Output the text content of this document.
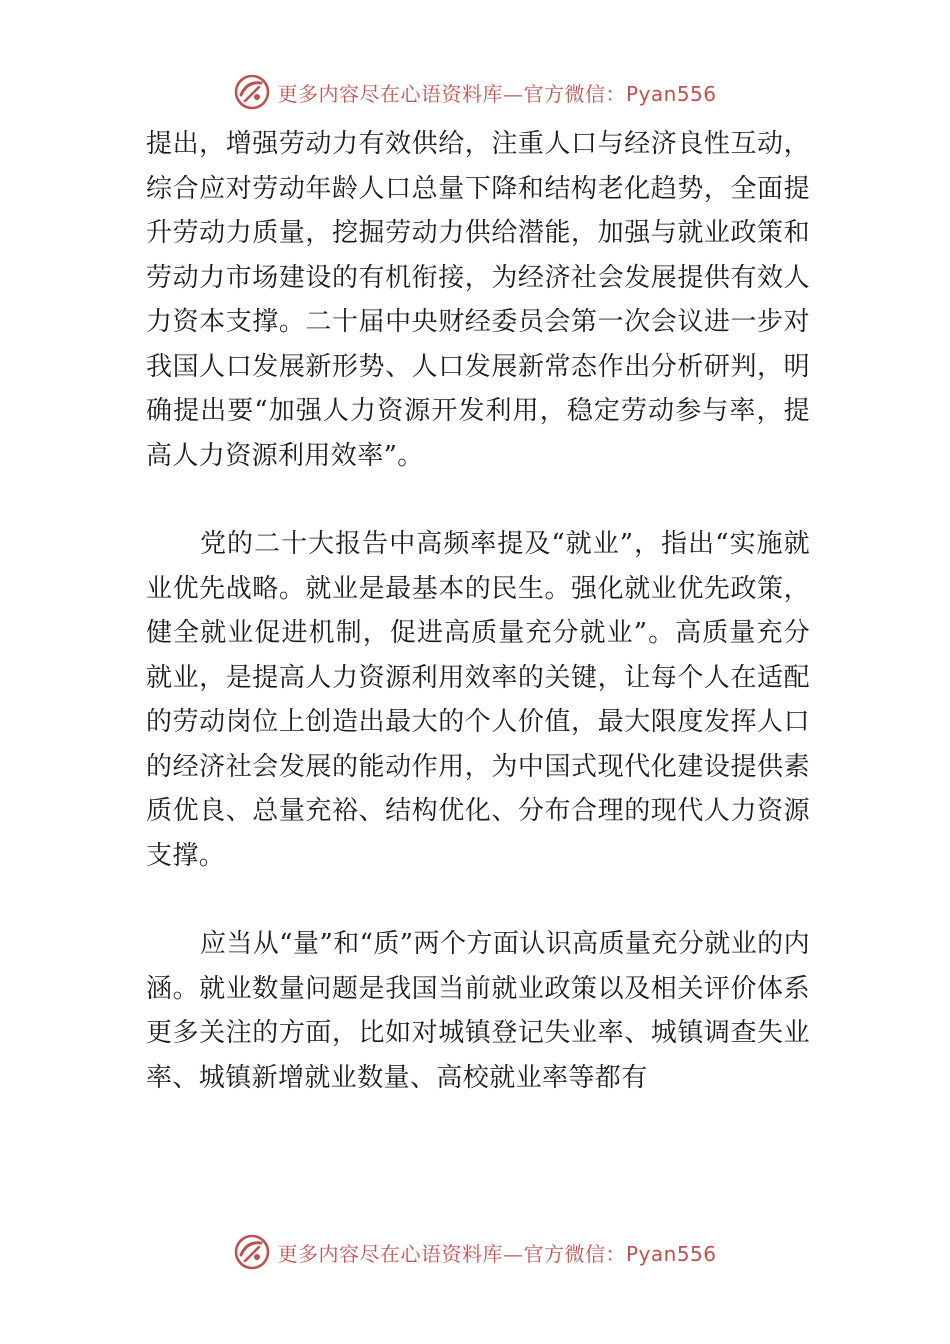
更多内容尽在心语资料库—官方微信：Pyan556

提出，增强劳动力有效供给，注重人口与经济良性互动，综合应对劳动年龄人口总量下降和结构老化趋势，全面提升劳动力质量，挖掘劳动力供给潜能，加强与就业政策和劳动力市场建设的有机衔接，为经济社会发展提供有效人力资本支撑。二十届中央财经委员会第一次会议进一步对我国人口发展新形势、人口发展新常态作出分析研判，明确提出要“加强人力资源开发利用，稳定劳动参与率，提高人力资源利用效率”。

党的二十大报告中高频率提及“就业”，指出“实施就业优先战略。就业是最基本的民生。强化就业优先政策，健全就业促进机制，促进高质量充分就业”。高质量充分就业，是提高人力资源利用效率的关键，让每个人在适配的劳动岗位上创造出最大的个人价值，最大限度发挥人口的经济社会发展的能动作用，为中国式现代化建设提供素质优良、总量充裕、结构优化、分布合理的现代人力资源支撑。

应当从“量”和“质”两个方面认识高质量充分就业的内涵。就业数量问题是我国当前就业政策以及相关评价体系更多关注的方面，比如对城镇登记失业率、城镇调查失业率、城镇新增就业数量、高校就业率等都有

更多内容尽在心语资料库—官方微信：Pyan556
